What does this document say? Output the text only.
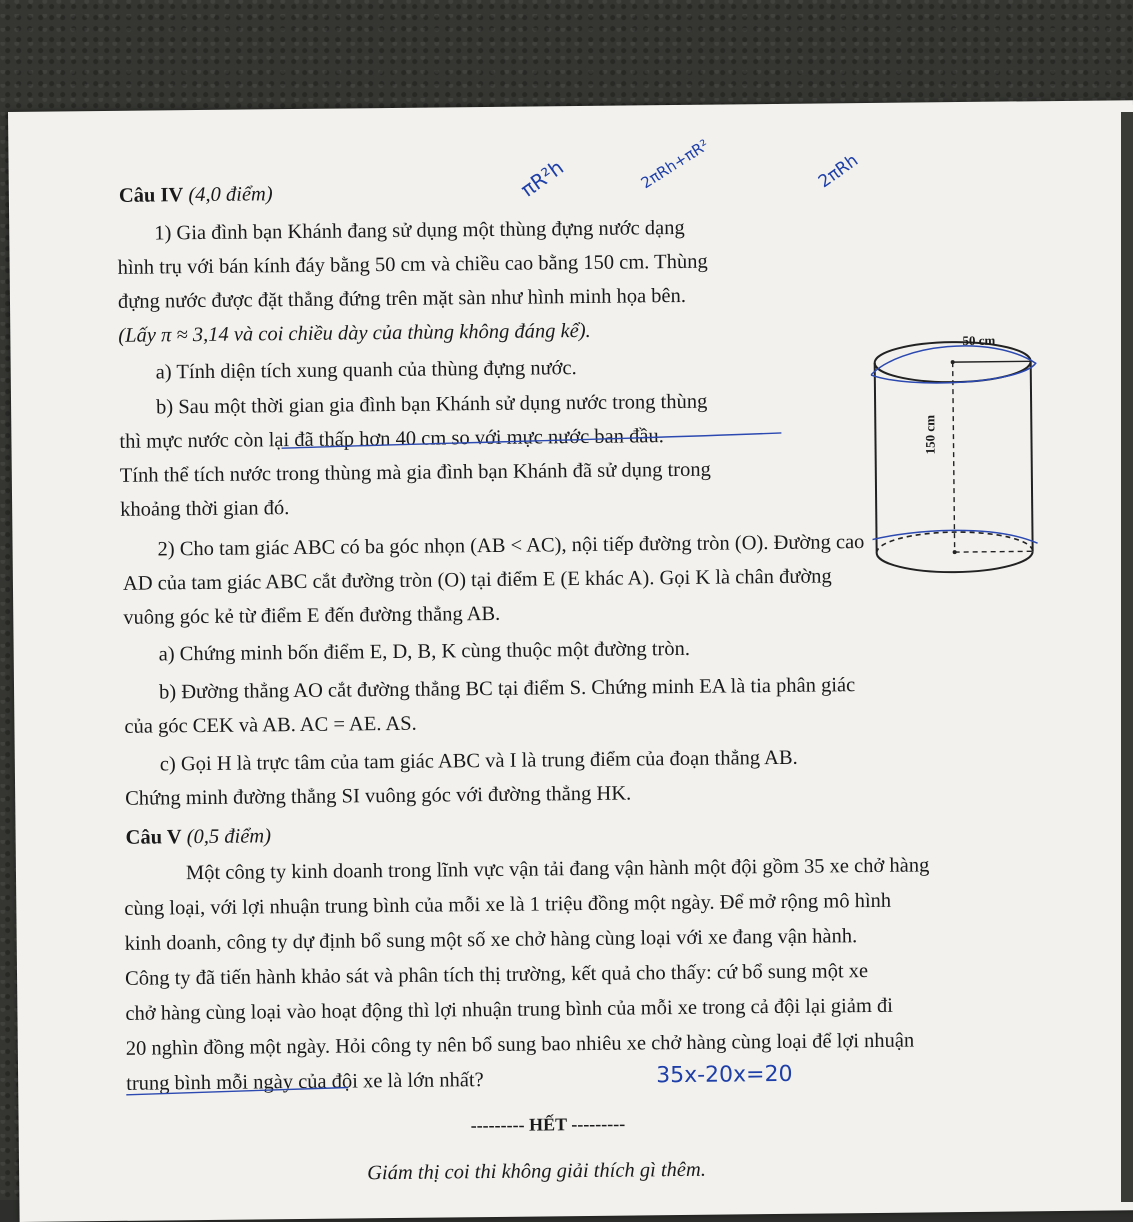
Câu IV (4,0 điểm)
1) Gia đình bạn Khánh đang sử dụng một thùng đựng nước dạng
hình trụ với bán kính đáy bằng 50 cm và chiều cao bằng 150 cm. Thùng
đựng nước được đặt thẳng đứng trên mặt sàn như hình minh họa bên.
(Lấy π ≈ 3,14 và coi chiều dày của thùng không đáng kể).
a) Tính diện tích xung quanh của thùng đựng nước.
b) Sau một thời gian gia đình bạn Khánh sử dụng nước trong thùng
thì mực nước còn lại đã thấp hơn 40 cm so với mực nước ban đầu.
Tính thể tích nước trong thùng mà gia đình bạn Khánh đã sử dụng trong
khoảng thời gian đó.
50 cm
150 cm
2) Cho tam giác ABC có ba góc nhọn (AB < AC), nội tiếp đường tròn (O). Đường cao
AD của tam giác ABC cắt đường tròn (O) tại điểm E (E khác A). Gọi K là chân đường
vuông góc kẻ từ điểm E đến đường thẳng AB.
a) Chứng minh bốn điểm E, D, B, K cùng thuộc một đường tròn.
b) Đường thẳng AO cắt đường thẳng BC tại điểm S. Chứng minh EA là tia phân giác
của góc CEK và AB. AC = AE. AS.
c) Gọi H là trực tâm của tam giác ABC và I là trung điểm của đoạn thẳng AB.
Chứng minh đường thẳng SI vuông góc với đường thẳng HK.
Câu V (0,5 điểm)
Một công ty kinh doanh trong lĩnh vực vận tải đang vận hành một đội gồm 35 xe chở hàng
cùng loại, với lợi nhuận trung bình của mỗi xe là 1 triệu đồng một ngày. Để mở rộng mô hình
kinh doanh, công ty dự định bổ sung một số xe chở hàng cùng loại với xe đang vận hành.
Công ty đã tiến hành khảo sát và phân tích thị trường, kết quả cho thấy: cứ bổ sung một xe
chở hàng cùng loại vào hoạt động thì lợi nhuận trung bình của mỗi xe trong cả đội lại giảm đi
20 nghìn đồng một ngày. Hỏi công ty nên bổ sung bao nhiêu xe chở hàng cùng loại để lợi nhuận
trung bình mỗi ngày của đội xe là lớn nhất?
--------- HẾT ---------
Giám thị coi thi không giải thích gì thêm.
πR²h	2πRh+πR²	2πRh
35x-20x=20
